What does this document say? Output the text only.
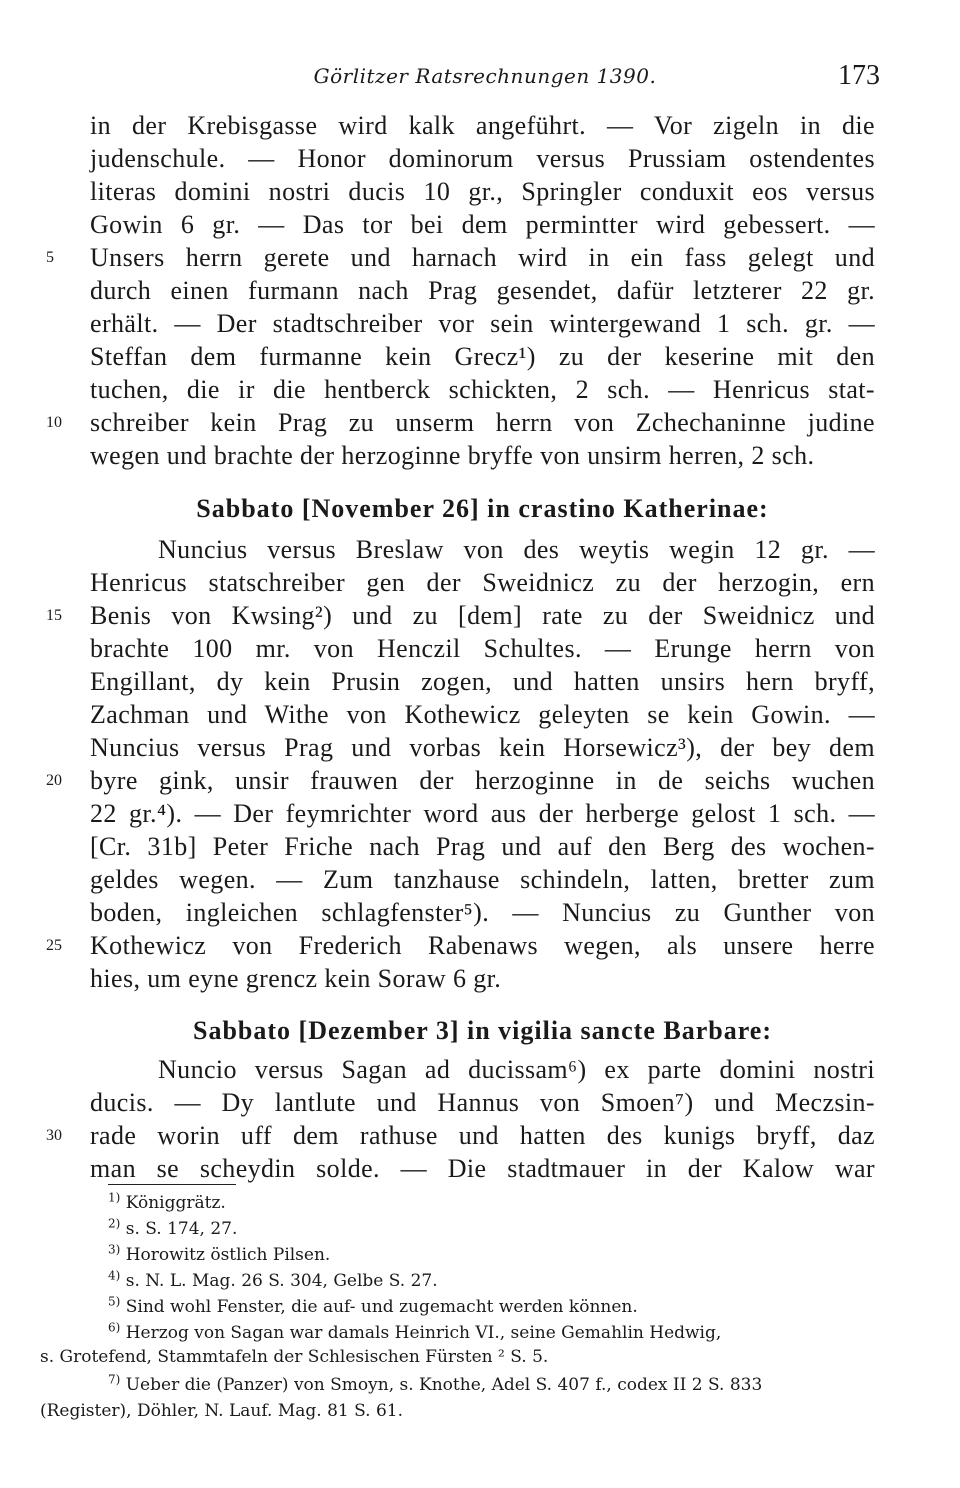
Görlitzer Ratsrechnungen 1390.	173
in der Krebisgasse wird kalk angeführt. — Vor zigeln in die
judenschule. — Honor dominorum versus Prussiam ostendentes
literas domini nostri ducis 10 gr., Springler conduxit eos versus
Gowin 6 gr. — Das tor bei dem permintter wird gebessert. —
5	Unsers herrn gerete und harnach wird in ein fass gelegt und
durch einen furmann nach Prag gesendet, dafür letzterer 22 gr.
erhält. — Der stadtschreiber vor sein wintergewand 1 sch. gr. —
Steffan dem furmanne kein Grecz¹) zu der keserine mit den
tuchen, die ir die hentberck schickten, 2 sch. — Henricus stat-
10	schreiber kein Prag zu unserm herrn von Zchechaninne judine
wegen und brachte der herzoginne bryffe von unsirm herren, 2 sch.
Sabbato [November 26] in crastino Katherinae:
Nuncius versus Breslaw von des weytis wegin 12 gr. —
Henricus statschreiber gen der Sweidnicz zu der herzogin, ern
15	Benis von Kwsing²) und zu [dem] rate zu der Sweidnicz und
brachte 100 mr. von Henczil Schultes. — Erunge herrn von
Engillant, dy kein Prusin zogen, und hatten unsirs hern bryff,
Zachman und Withe von Kothewicz geleyten se kein Gowin. —
Nuncius versus Prag und vorbas kein Horsewicz³), der bey dem
20	byre gink, unsir frauwen der herzoginne in de seichs wuchen
22 gr.⁴). — Der feymrichter word aus der herberge gelost 1 sch. —
[Cr. 31b] Peter Friche nach Prag und auf den Berg des wochen-
geldes wegen. — Zum tanzhause schindeln, latten, bretter zum
boden, ingleichen schlagfenster⁵). — Nuncius zu Gunther von
25	Kothewicz von Frederich Rabenaws wegen, als unsere herre
hies, um eyne grencz kein Soraw 6 gr.
Sabbato [Dezember 3] in vigilia sancte Barbare:
Nuncio versus Sagan ad ducissam⁶) ex parte domini nostri
ducis. — Dy lantlute und Hannus von Smoen⁷) und Meczsin-
30	rade worin uff dem rathuse und hatten des kunigs bryff, daz
man se scheydin solde. — Die stadtmauer in der Kalow war
$^{1)}$ Königgrätz.
$^{2)}$ s. S. 174, 27.
$^{3)}$ Horowitz östlich Pilsen.
$^{4)}$ s. N. L. Mag. 26 S. 304, Gelbe S. 27.
$^{5)}$ Sind wohl Fenster, die auf- und zugemacht werden können.
$^{6)}$ Herzog von Sagan war damals Heinrich VI., seine Gemahlin Hedwig,
s. Grotefend, Stammtafeln der Schlesischen Fürsten ² S. 5.
$^{7)}$ Ueber die (Panzer) von Smoyn, s. Knothe, Adel S. 407 f., codex II 2 S. 833
(Register), Döhler, N. Lauf. Mag. 81 S. 61.
